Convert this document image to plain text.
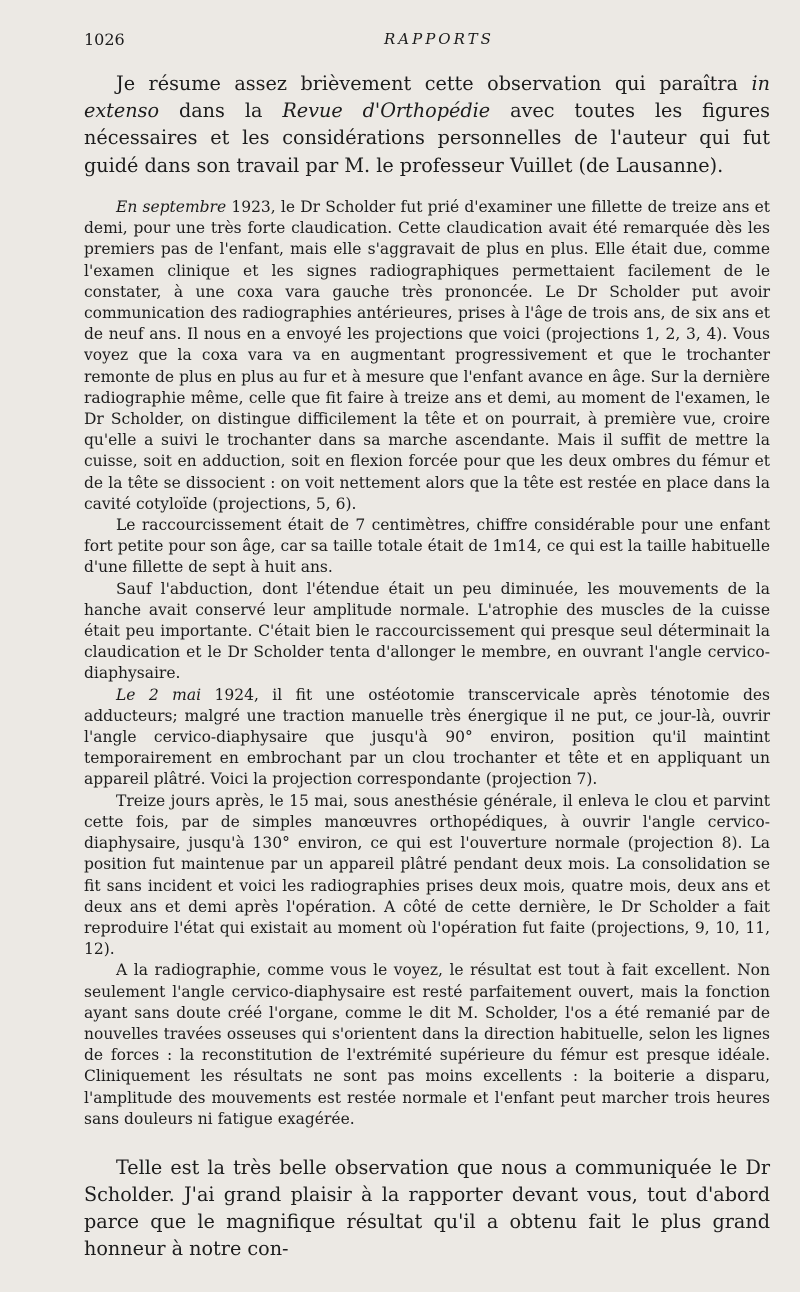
1026	RAPPORTS

Je résume assez brièvement cette observation qui paraîtra in extenso dans la Revue d'Orthopédie avec toutes les figures nécessaires et les considérations personnelles de l'auteur qui fut guidé dans son travail par M. le professeur Vuillet (de Lausanne).

En septembre 1923, le Dr Scholder fut prié d'examiner une fillette de treize ans et demi, pour une très forte claudication. Cette claudication avait été remarquée dès les premiers pas de l'enfant, mais elle s'aggravait de plus en plus. Elle était due, comme l'examen clinique et les signes radiographiques permettaient facilement de le constater, à une coxa vara gauche très prononcée. Le Dr Scholder put avoir communication des radiographies antérieures, prises à l'âge de trois ans, de six ans et de neuf ans. Il nous en a envoyé les projections que voici (projections 1, 2, 3, 4). Vous voyez que la coxa vara va en augmentant progressivement et que le trochanter remonte de plus en plus au fur et à mesure que l'enfant avance en âge. Sur la dernière radiographie même, celle que fit faire à treize ans et demi, au moment de l'examen, le Dr Scholder, on distingue difficilement la tête et on pourrait, à première vue, croire qu'elle a suivi le trochanter dans sa marche ascendante. Mais il suffit de mettre la cuisse, soit en adduction, soit en flexion forcée pour que les deux ombres du fémur et de la tête se dissocient : on voit nettement alors que la tête est restée en place dans la cavité cotyloïde (projections, 5, 6).

Le raccourcissement était de 7 centimètres, chiffre considérable pour une enfant fort petite pour son âge, car sa taille totale était de 1m14, ce qui est la taille habituelle d'une fillette de sept à huit ans.

Sauf l'abduction, dont l'étendue était un peu diminuée, les mouvements de la hanche avait conservé leur amplitude normale. L'atrophie des muscles de la cuisse était peu importante. C'était bien le raccourcissement qui presque seul déterminait la claudication et le Dr Scholder tenta d'allonger le membre, en ouvrant l'angle cervico-diaphysaire.

Le 2 mai 1924, il fit une ostéotomie transcervicale après ténotomie des adducteurs; malgré une traction manuelle très énergique il ne put, ce jour-là, ouvrir l'angle cervico-diaphysaire que jusqu'à 90° environ, position qu'il maintint temporairement en embrochant par un clou trochanter et tête et en appliquant un appareil plâtré. Voici la projection correspondante (projection 7).

Treize jours après, le 15 mai, sous anesthésie générale, il enleva le clou et parvint cette fois, par de simples manœuvres orthopédiques, à ouvrir l'angle cervico-diaphysaire, jusqu'à 130° environ, ce qui est l'ouverture normale (projection 8). La position fut maintenue par un appareil plâtré pendant deux mois. La consolidation se fit sans incident et voici les radiographies prises deux mois, quatre mois, deux ans et deux ans et demi après l'opération. A côté de cette dernière, le Dr Scholder a fait reproduire l'état qui existait au moment où l'opération fut faite (projections, 9, 10, 11, 12).

A la radiographie, comme vous le voyez, le résultat est tout à fait excellent. Non seulement l'angle cervico-diaphysaire est resté parfaitement ouvert, mais la fonction ayant sans doute créé l'organe, comme le dit M. Scholder, l'os a été remanié par de nouvelles travées osseuses qui s'orientent dans la direction habituelle, selon les lignes de forces : la reconstitution de l'extrémité supérieure du fémur est presque idéale. Cliniquement les résultats ne sont pas moins excellents : la boiterie a disparu, l'amplitude des mouvements est restée normale et l'enfant peut marcher trois heures sans douleurs ni fatigue exagérée.

Telle est la très belle observation que nous a communiquée le Dr Scholder. J'ai grand plaisir à la rapporter devant vous, tout d'abord parce que le magnifique résultat qu'il a obtenu fait le plus grand honneur à notre con-
